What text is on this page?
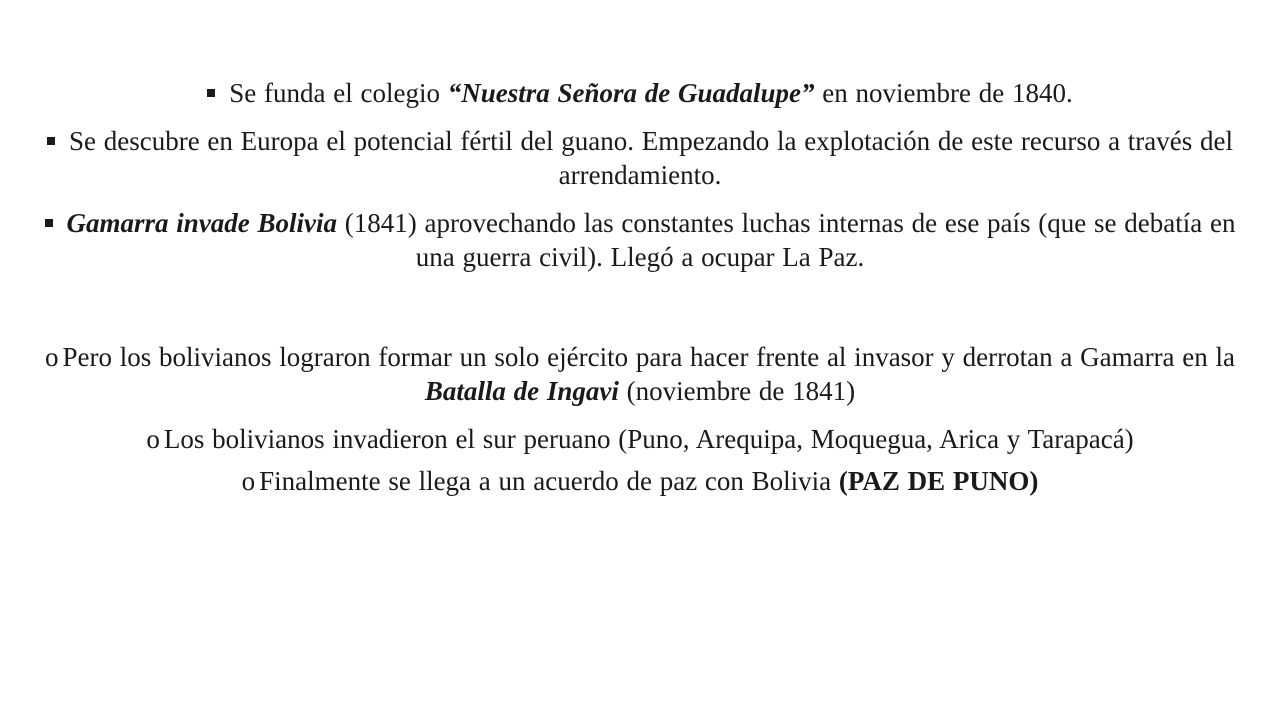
Se funda el colegio “Nuestra Señora de Guadalupe” en noviembre de 1840.

Se descubre en Europa el potencial fértil del guano. Empezando la explotación de este recurso a través del arrendamiento.

Gamarra invade Bolivia (1841) aprovechando las constantes luchas internas de ese país (que se debatía en una guerra civil). Llegó a ocupar La Paz.

o Pero los bolivianos lograron formar un solo ejército para hacer frente al invasor y derrotan a Gamarra en la Batalla de Ingavi (noviembre de 1841)

o Los bolivianos invadieron el sur peruano (Puno, Arequipa, Moquegua, Arica y Tarapacá)

o Finalmente se llega a un acuerdo de paz con Bolivia (PAZ DE PUNO)
